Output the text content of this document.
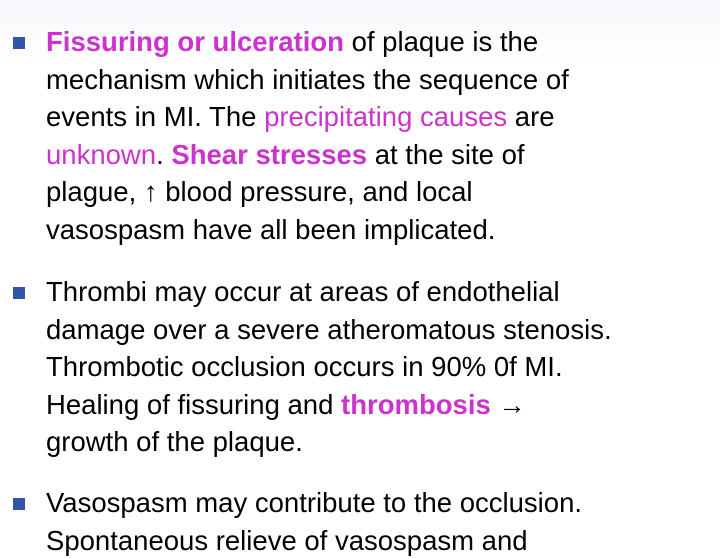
Fissuring or ulceration of plaque is the
mechanism which initiates the sequence of
events in MI. The precipitating causes are
unknown. Shear stresses at the site of
plague, ↑ blood pressure, and local
vasospasm have all been implicated.
Thrombi may occur at areas of endothelial
damage over a severe atheromatous stenosis.
Thrombotic occlusion occurs in 90% 0f MI.
Healing of fissuring and thrombosis →
growth of the plaque.
Vasospasm may contribute to the occlusion.
Spontaneous relieve of vasospasm and
